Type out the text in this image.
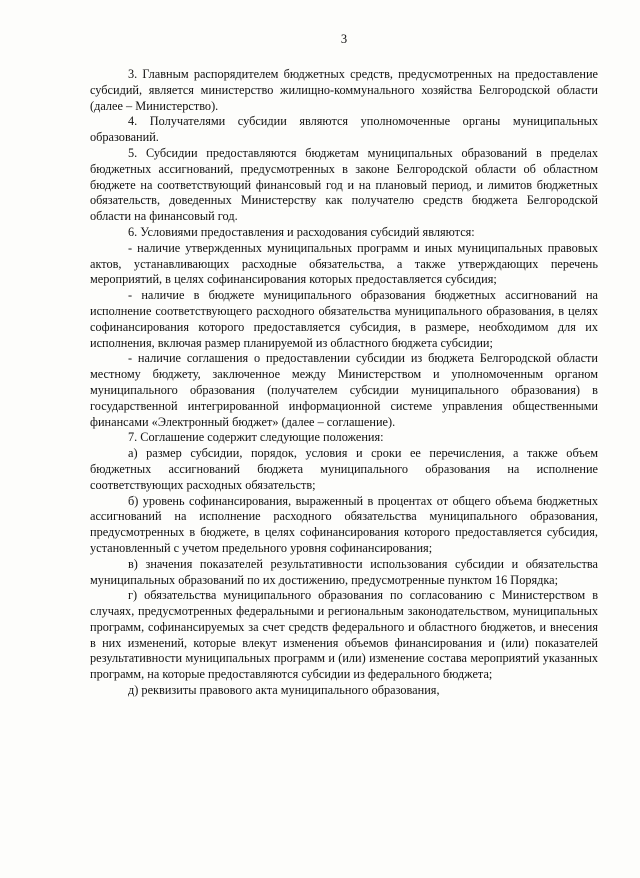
3

3. Главным распорядителем бюджетных средств, предусмотренных на предоставление субсидий, является министерство жилищно-коммунального хозяйства Белгородской области (далее – Министерство).

4. Получателями субсидии являются уполномоченные органы муниципальных образований.

5. Субсидии предоставляются бюджетам муниципальных образований в пределах бюджетных ассигнований, предусмотренных в законе Белгородской области об областном бюджете на соответствующий финансовый год и на плановый период, и лимитов бюджетных обязательств, доведенных Министерству как получателю средств бюджета Белгородской области на финансовый год.

6. Условиями предоставления и расходования субсидий являются:

- наличие утвержденных муниципальных программ и иных муниципальных правовых актов, устанавливающих расходные обязательства, а также утверждающих перечень мероприятий, в целях софинансирования которых предоставляется субсидия;

- наличие в бюджете муниципального образования бюджетных ассигнований на исполнение соответствующего расходного обязательства муниципального образования, в целях софинансирования которого предоставляется субсидия, в размере, необходимом для их исполнения, включая размер планируемой из областного бюджета субсидии;

- наличие соглашения о предоставлении субсидии из бюджета Белгородской области местному бюджету, заключенное между Министерством и уполномоченным органом муниципального образования (получателем субсидии муниципального образования) в государственной интегрированной информационной системе управления общественными финансами «Электронный бюджет» (далее – соглашение).

7. Соглашение содержит следующие положения:

а) размер субсидии, порядок, условия и сроки ее перечисления, а также объем бюджетных ассигнований бюджета муниципального образования на исполнение соответствующих расходных обязательств;

б) уровень софинансирования, выраженный в процентах от общего объема бюджетных ассигнований на исполнение расходного обязательства муниципального образования, предусмотренных в бюджете, в целях софинансирования которого предоставляется субсидия, установленный с учетом предельного уровня софинансирования;

в) значения показателей результативности использования субсидии и обязательства муниципальных образований по их достижению, предусмотренные пунктом 16 Порядка;

г) обязательства муниципального образования по согласованию с Министерством в случаях, предусмотренных федеральными и региональным законодательством, муниципальных программ, софинансируемых за счет средств федерального и областного бюджетов, и внесения в них изменений, которые влекут изменения объемов финансирования и (или) показателей результативности муниципальных программ и (или) изменение состава мероприятий указанных программ, на которые предоставляются субсидии из федерального бюджета;

д) реквизиты правового акта муниципального образования,
